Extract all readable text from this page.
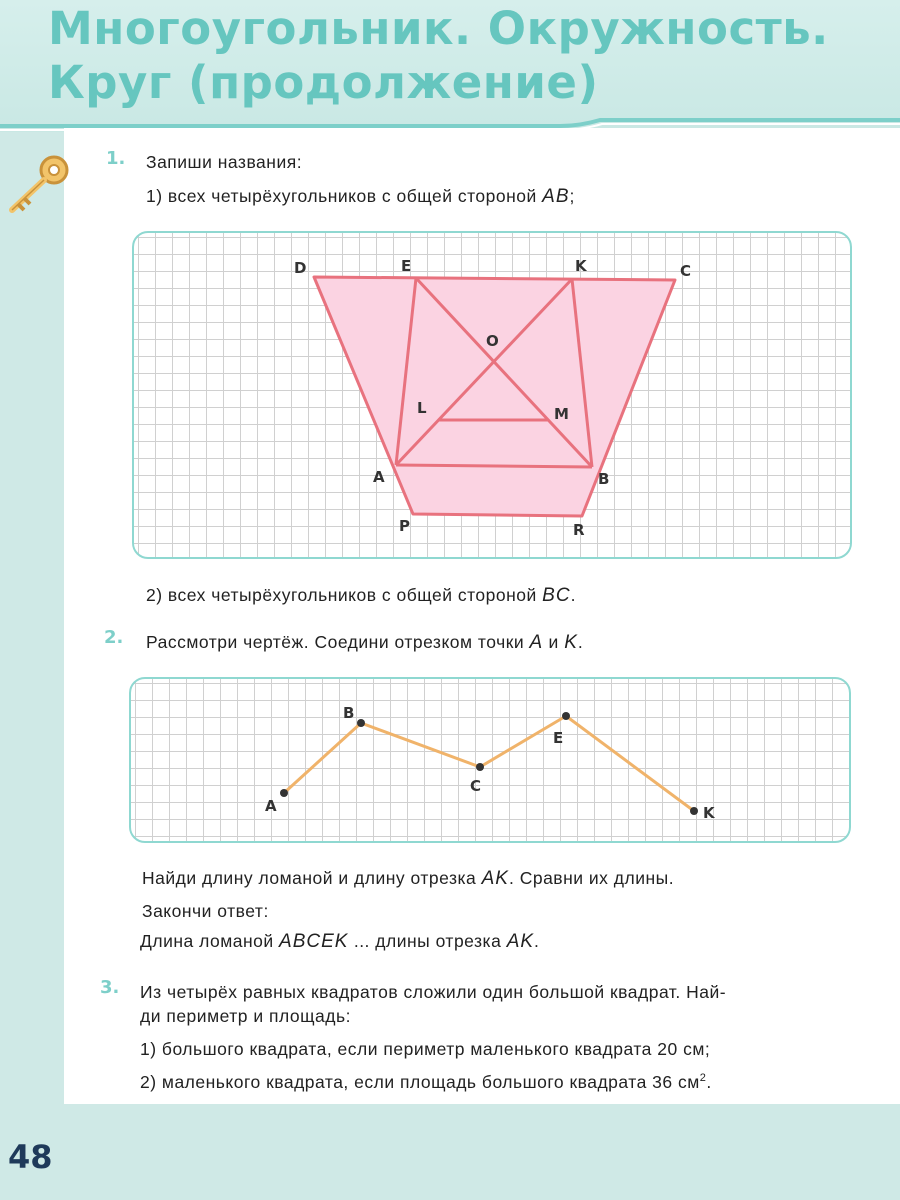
Многоугольник. Окружность.
Круг (продолжение)
1. Запиши названия:
1) всех четырёхугольников с общей стороной AB;
D	E	K	C
O
L	M
A	B
P	R
2) всех четырёхугольников с общей стороной BC.
2. Рассмотри чертёж. Соедини отрезком точки A и K.
A
B
C
E
K
Найди длину ломаной и длину отрезка AK. Сравни их длины.
Закончи ответ:
Длина ломаной ABCEK ... длины отрезка AK.
3. Из четырёх равных квадратов сложили один большой квадрат. Най-
ди периметр и площадь:
1) большого квадрата, если периметр маленького квадрата 20 см;
2) маленького квадрата, если площадь большого квадрата 36 $см^2$.
48
